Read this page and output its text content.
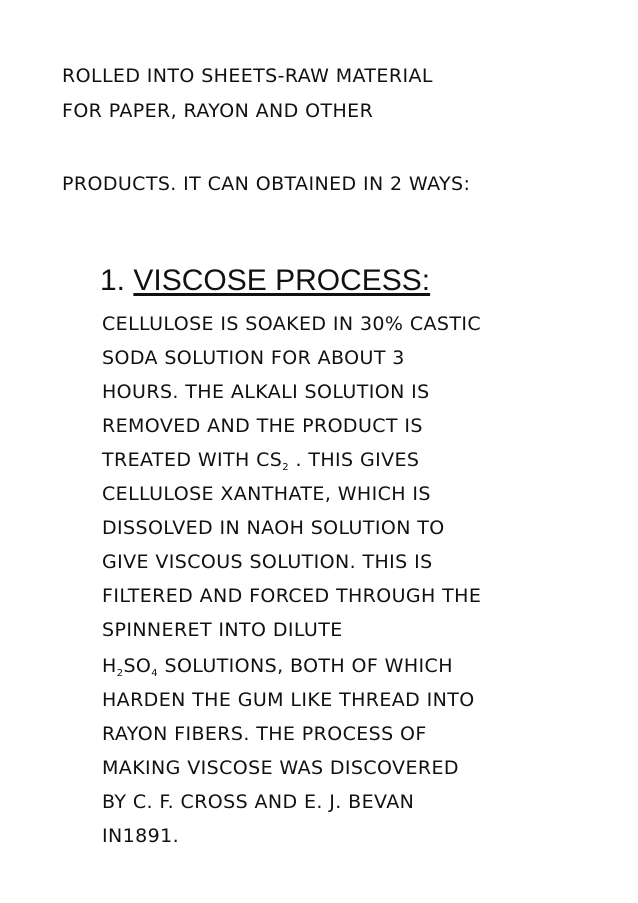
ROLLED INTO SHEETS-RAW MATERIAL
FOR PAPER, RAYON AND OTHER
PRODUCTS. IT CAN OBTAINED IN 2 WAYS:
1. VISCOSE PROCESS:
CELLULOSE IS SOAKED IN 30% CASTIC
SODA SOLUTION FOR ABOUT 3
HOURS. THE ALKALI SOLUTION IS
REMOVED AND THE PRODUCT IS
TREATED WITH $CS_2$ . THIS GIVES
CELLULOSE XANTHATE, WHICH IS
DISSOLVED IN NAOH SOLUTION TO
GIVE VISCOUS SOLUTION. THIS IS
FILTERED AND FORCED THROUGH THE
SPINNERET INTO DILUTE
$H_2SO_4$ SOLUTIONS, BOTH OF WHICH
HARDEN THE GUM LIKE THREAD INTO
RAYON FIBERS. THE PROCESS OF
MAKING VISCOSE WAS DISCOVERED
BY C. F. CROSS AND E. J. BEVAN
IN1891.
